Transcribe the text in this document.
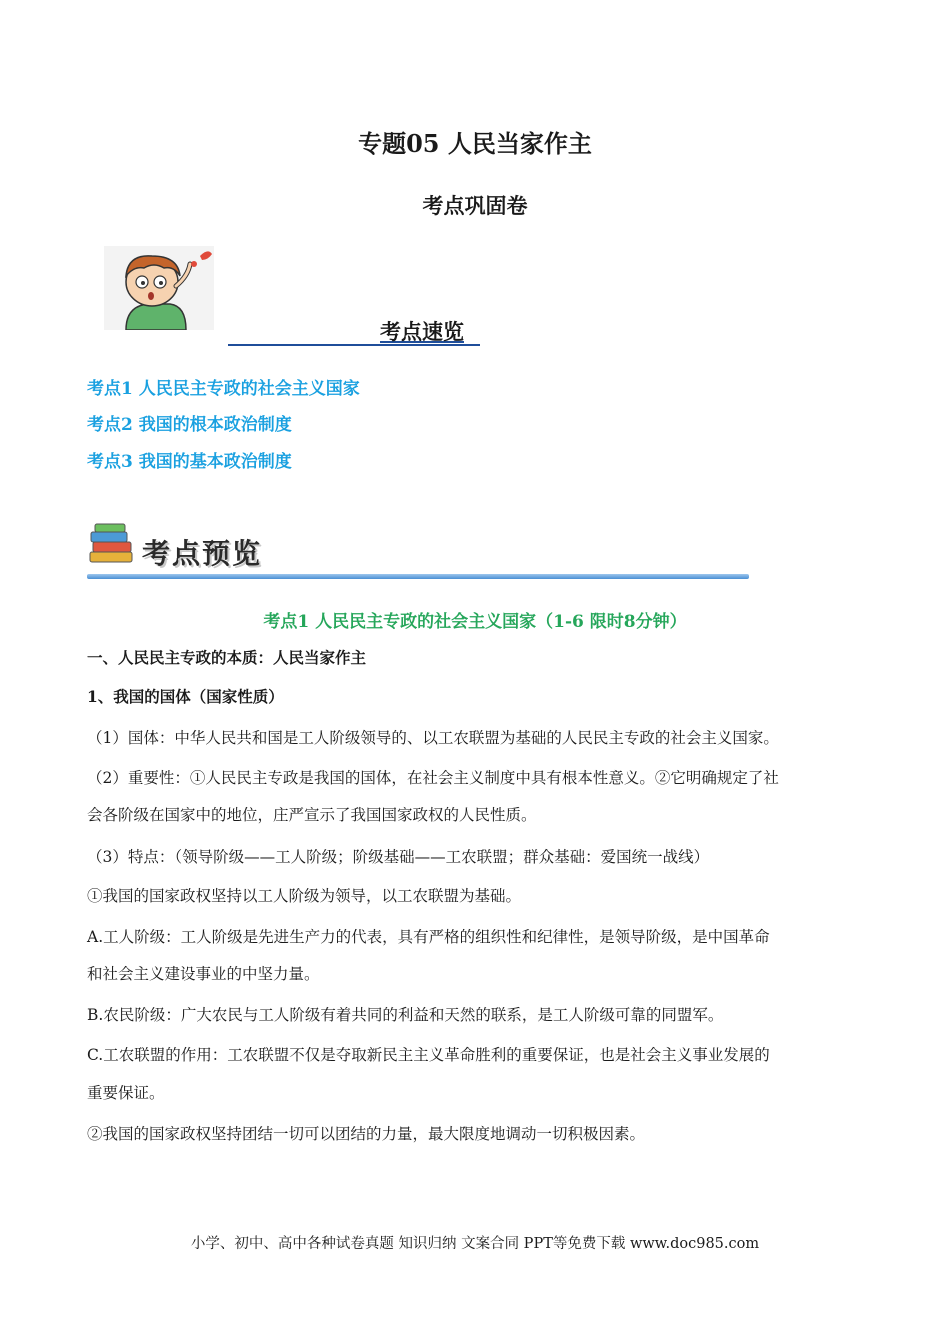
专题05 人民当家作主
考点巩固卷
考点速览
考点1 人民民主专政的社会主义国家
考点2 我国的根本政治制度
考点3 我国的基本政治制度
考点预览
考点1 人民民主专政的社会主义国家（1-6 限时8分钟）
一、人民民主专政的本质：人民当家作主
1、我国的国体（国家性质）
（1）国体：中华人民共和国是工人阶级领导的、以工农联盟为基础的人民民主专政的社会主义国家。
（2）重要性：①人民民主专政是我国的国体，在社会主义制度中具有根本性意义。②它明确规定了社
会各阶级在国家中的地位，庄严宣示了我国国家政权的人民性质。
（3）特点：（领导阶级——工人阶级；阶级基础——工农联盟；群众基础：爱国统一战线）
①我国的国家政权坚持以工人阶级为领导，以工农联盟为基础。
A.工人阶级：工人阶级是先进生产力的代表，具有严格的组织性和纪律性，是领导阶级，是中国革命
和社会主义建设事业的中坚力量。
B.农民阶级：广大农民与工人阶级有着共同的利益和天然的联系，是工人阶级可靠的同盟军。
C.工农联盟的作用：工农联盟不仅是夺取新民主主义革命胜利的重要保证，也是社会主义事业发展的
重要保证。
②我国的国家政权坚持团结一切可以团结的力量，最大限度地调动一切积极因素。
小学、初中、高中各种试卷真题 知识归纳 文案合同 PPT等免费下载 www.doc985.com
